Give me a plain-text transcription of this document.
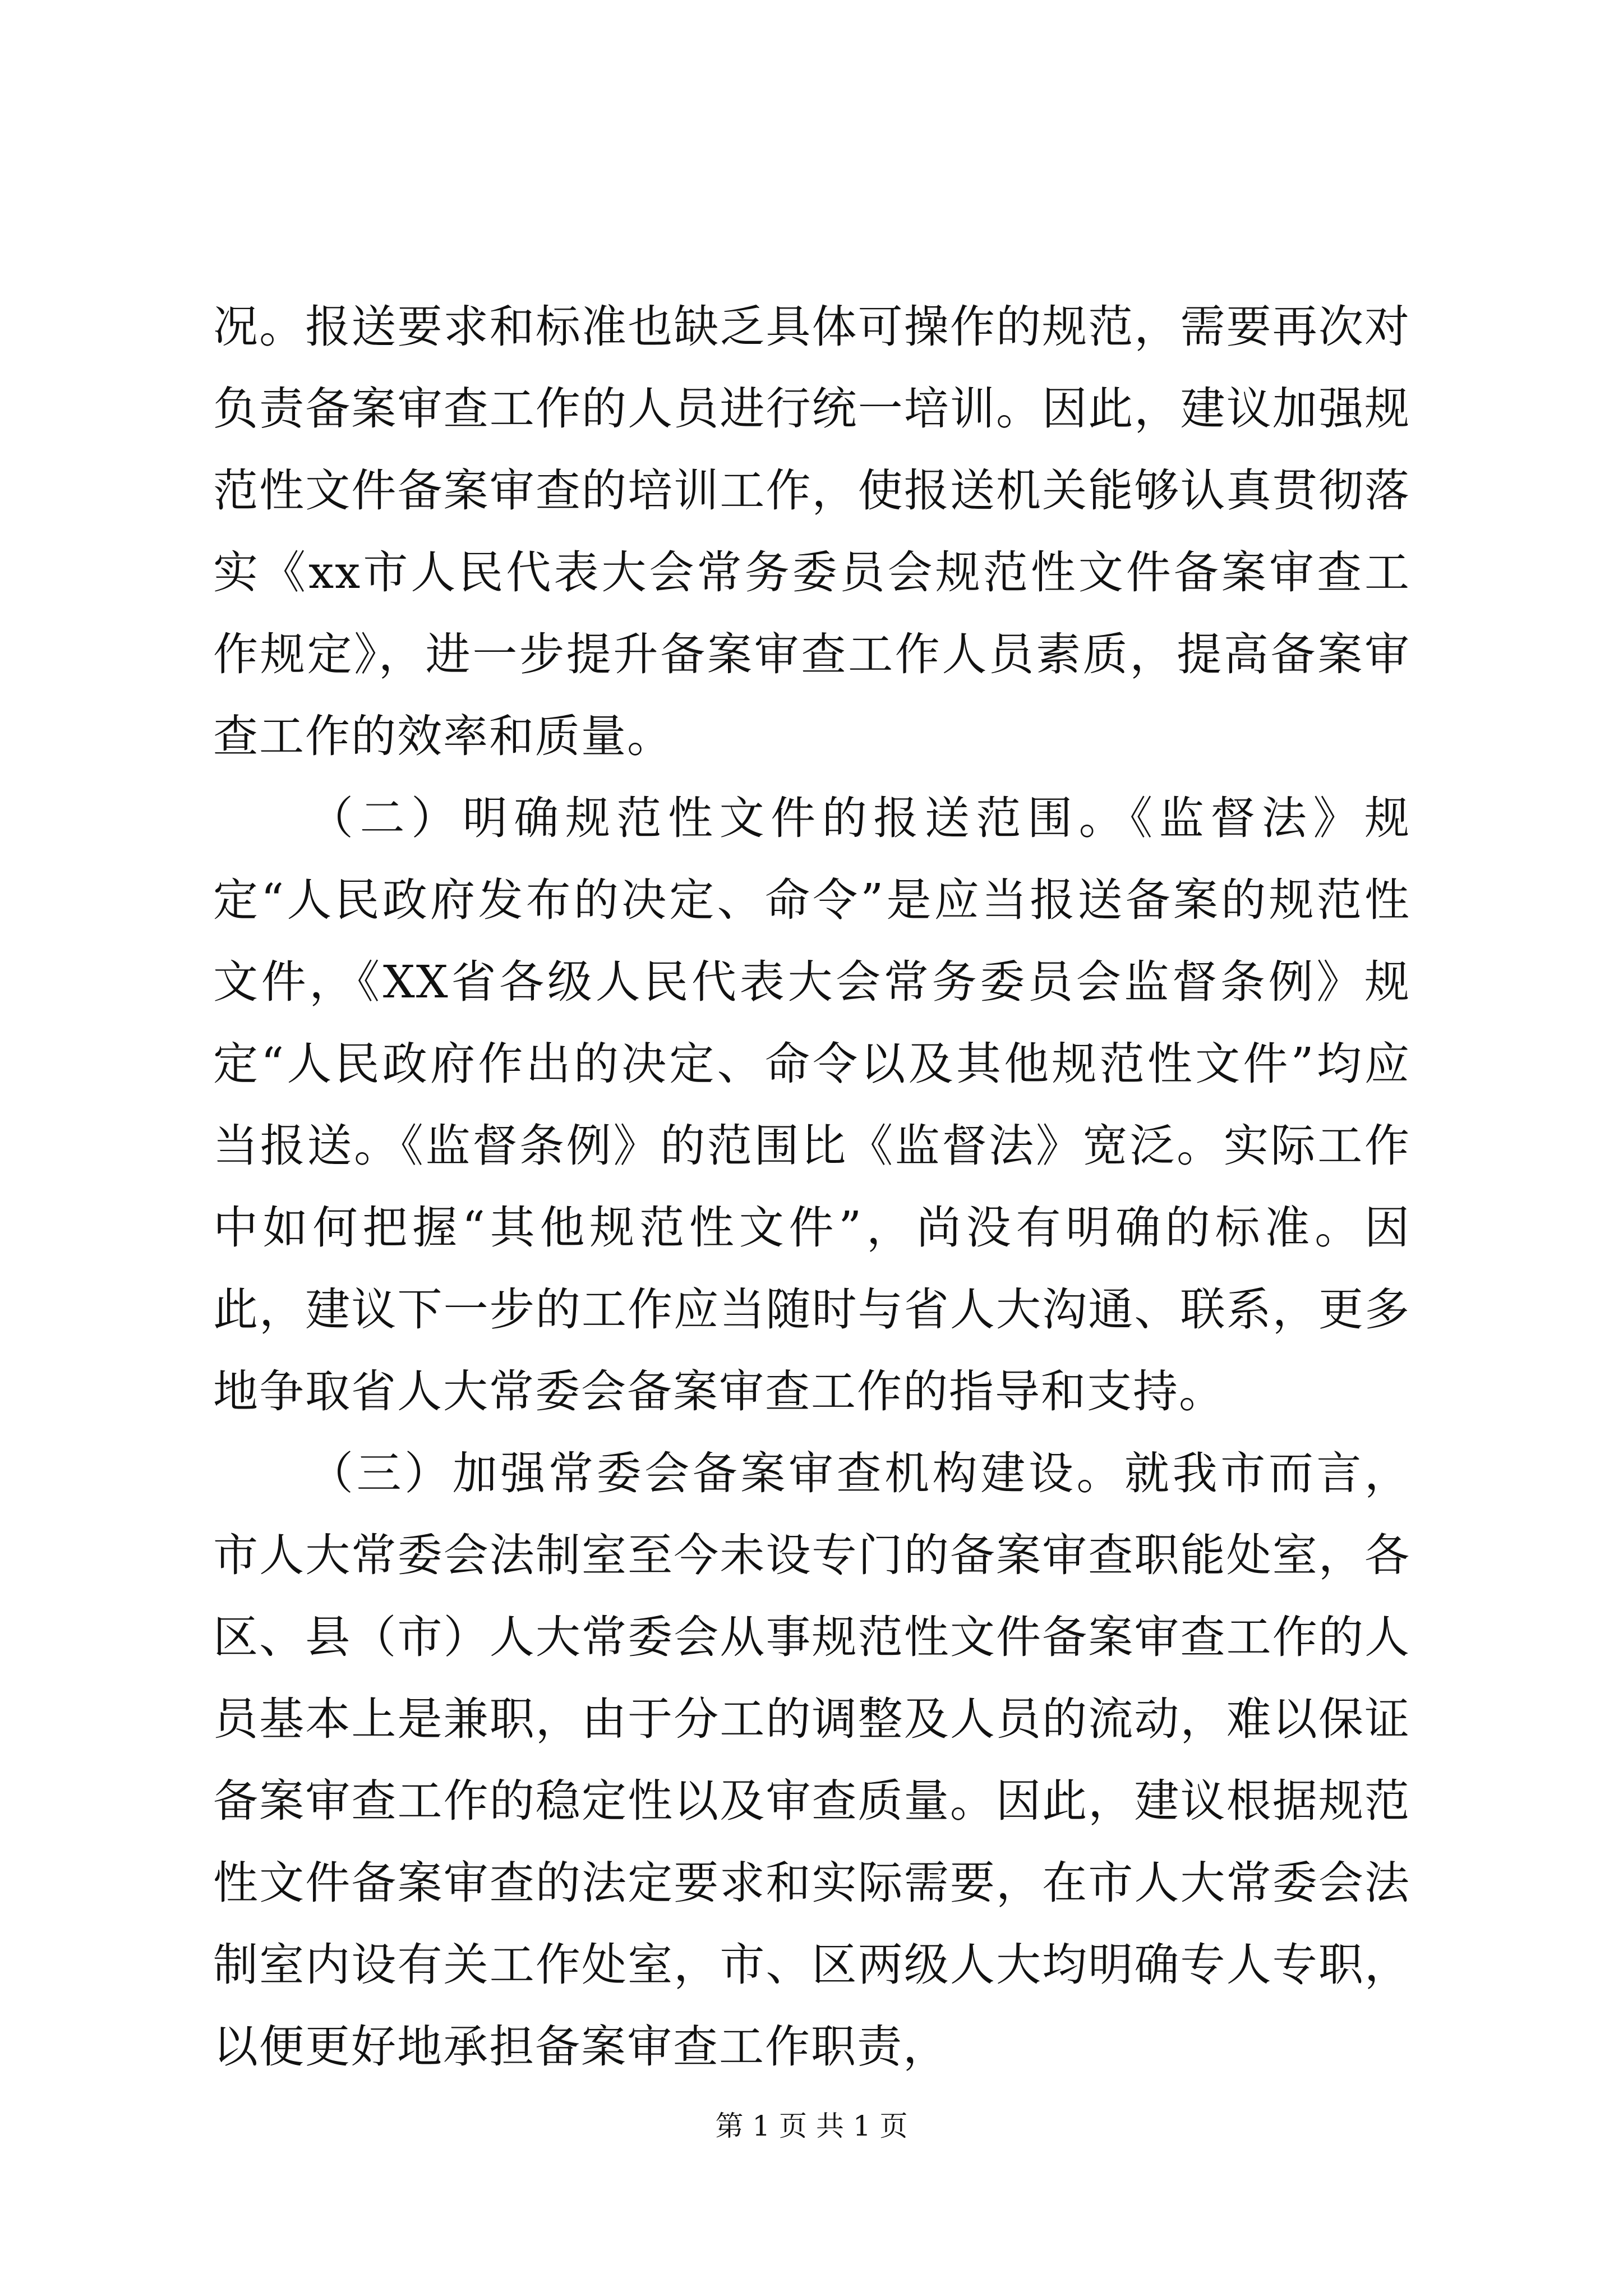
况。报送要求和标准也缺乏具体可操作的规范，需要再次对负责备案审查工作的人员进行统一培训。因此，建议加强规范性文件备案审查的培训工作，使报送机关能够认真贯彻落实《xx市人民代表大会常务委员会规范性文件备案审查工作规定》，进一步提升备案审查工作人员素质，提高备案审查工作的效率和质量。

（二）明确规范性文件的报送范围。《监督法》规定“人民政府发布的决定、命令”是应当报送备案的规范性文件，《XX省各级人民代表大会常务委员会监督条例》规定“人民政府作出的决定、命令以及其他规范性文件”均应当报送。《监督条例》的范围比《监督法》宽泛。实际工作中如何把握“其他规范性文件”，尚没有明确的标准。因此，建议下一步的工作应当随时与省人大沟通、联系，更多地争取省人大常委会备案审查工作的指导和支持。

（三）加强常委会备案审查机构建设。就我市而言，市人大常委会法制室至今未设专门的备案审查职能处室，各区、县（市）人大常委会从事规范性文件备案审查工作的人员基本上是兼职，由于分工的调整及人员的流动，难以保证备案审查工作的稳定性以及审查质量。因此，建议根据规范性文件备案审查的法定要求和实际需要，在市人大常委会法制室内设有关工作处室，市、区两级人大均明确专人专职，以便更好地承担备案审查工作职责，

第 1 页 共 1 页
